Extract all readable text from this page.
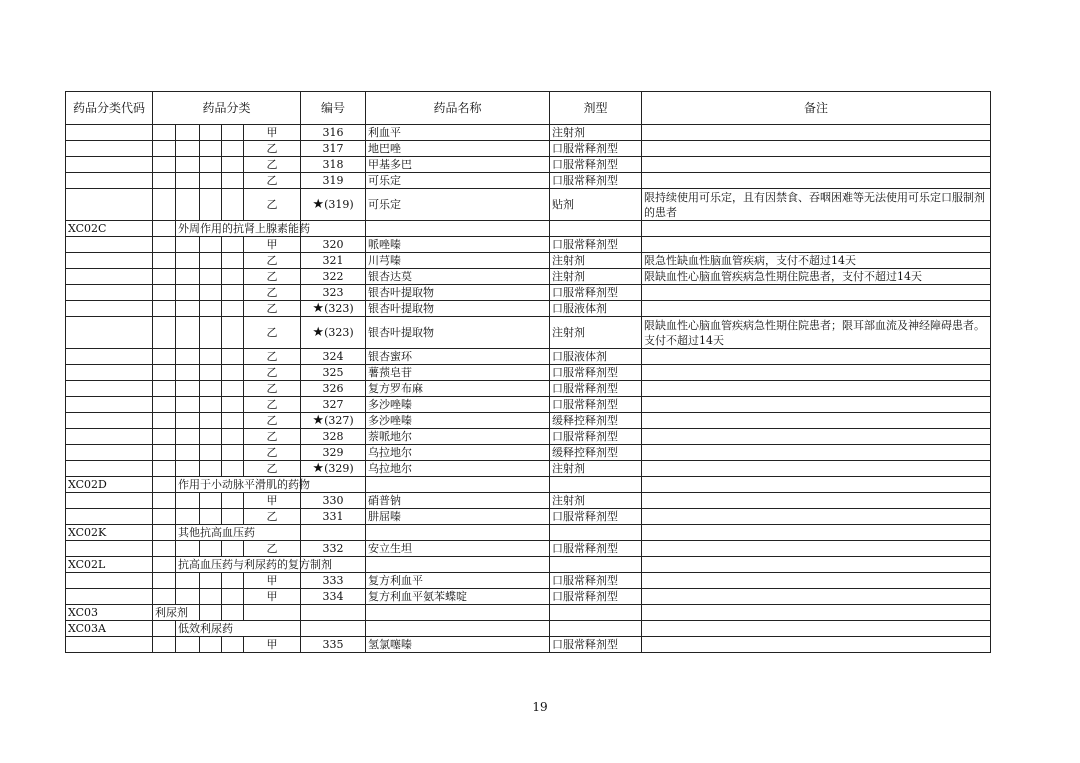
药品分类代码	药品分类					编号	药品名称	剂型	备注
					甲	316	利血平	注射剂	
					乙	317	地巴唑	口服常释剂型	
					乙	318	甲基多巴	口服常释剂型	
					乙	319	可乐定	口服常释剂型	
					乙	★(319)	可乐定	贴剂	限持续使用可乐定，且有因禁食、吞咽困难等无法使用可乐定口服制剂的患者
XC02C		外周作用的抗肾上腺素能药							
					甲	320	哌唑嗪	口服常释剂型	
					乙	321	川芎嗪	注射剂	限急性缺血性脑血管疾病，支付不超过14天
					乙	322	银杏达莫	注射剂	限缺血性心脑血管疾病急性期住院患者，支付不超过14天
					乙	323	银杏叶提取物	口服常释剂型	
					乙	★(323)	银杏叶提取物	口服液体剂	
					乙	★(323)	银杏叶提取物	注射剂	限缺血性心脑血管疾病急性期住院患者；限耳部血流及神经障碍患者。支付不超过14天
					乙	324	银杏蜜环	口服液体剂	
					乙	325	薯蓣皂苷	口服常释剂型	
					乙	326	复方罗布麻	口服常释剂型	
					乙	327	多沙唑嗪	口服常释剂型	
					乙	★(327)	多沙唑嗪	缓释控释剂型	
					乙	328	萘哌地尔	口服常释剂型	
					乙	329	乌拉地尔	缓释控释剂型	
					乙	★(329)	乌拉地尔	注射剂	
XC02D		作用于小动脉平滑肌的药物							
					甲	330	硝普钠	注射剂	
					乙	331	肼屈嗪	口服常释剂型	
XC02K		其他抗高血压药							
					乙	332	安立生坦	口服常释剂型	
XC02L		抗高血压药与利尿药的复方制剂							
					甲	333	复方利血平	口服常释剂型	
					甲	334	复方利血平氨苯蝶啶	口服常释剂型	
XC03	利尿剂								
XC03A		低效利尿药							
					甲	335	氢氯噻嗪	口服常释剂型	
19
